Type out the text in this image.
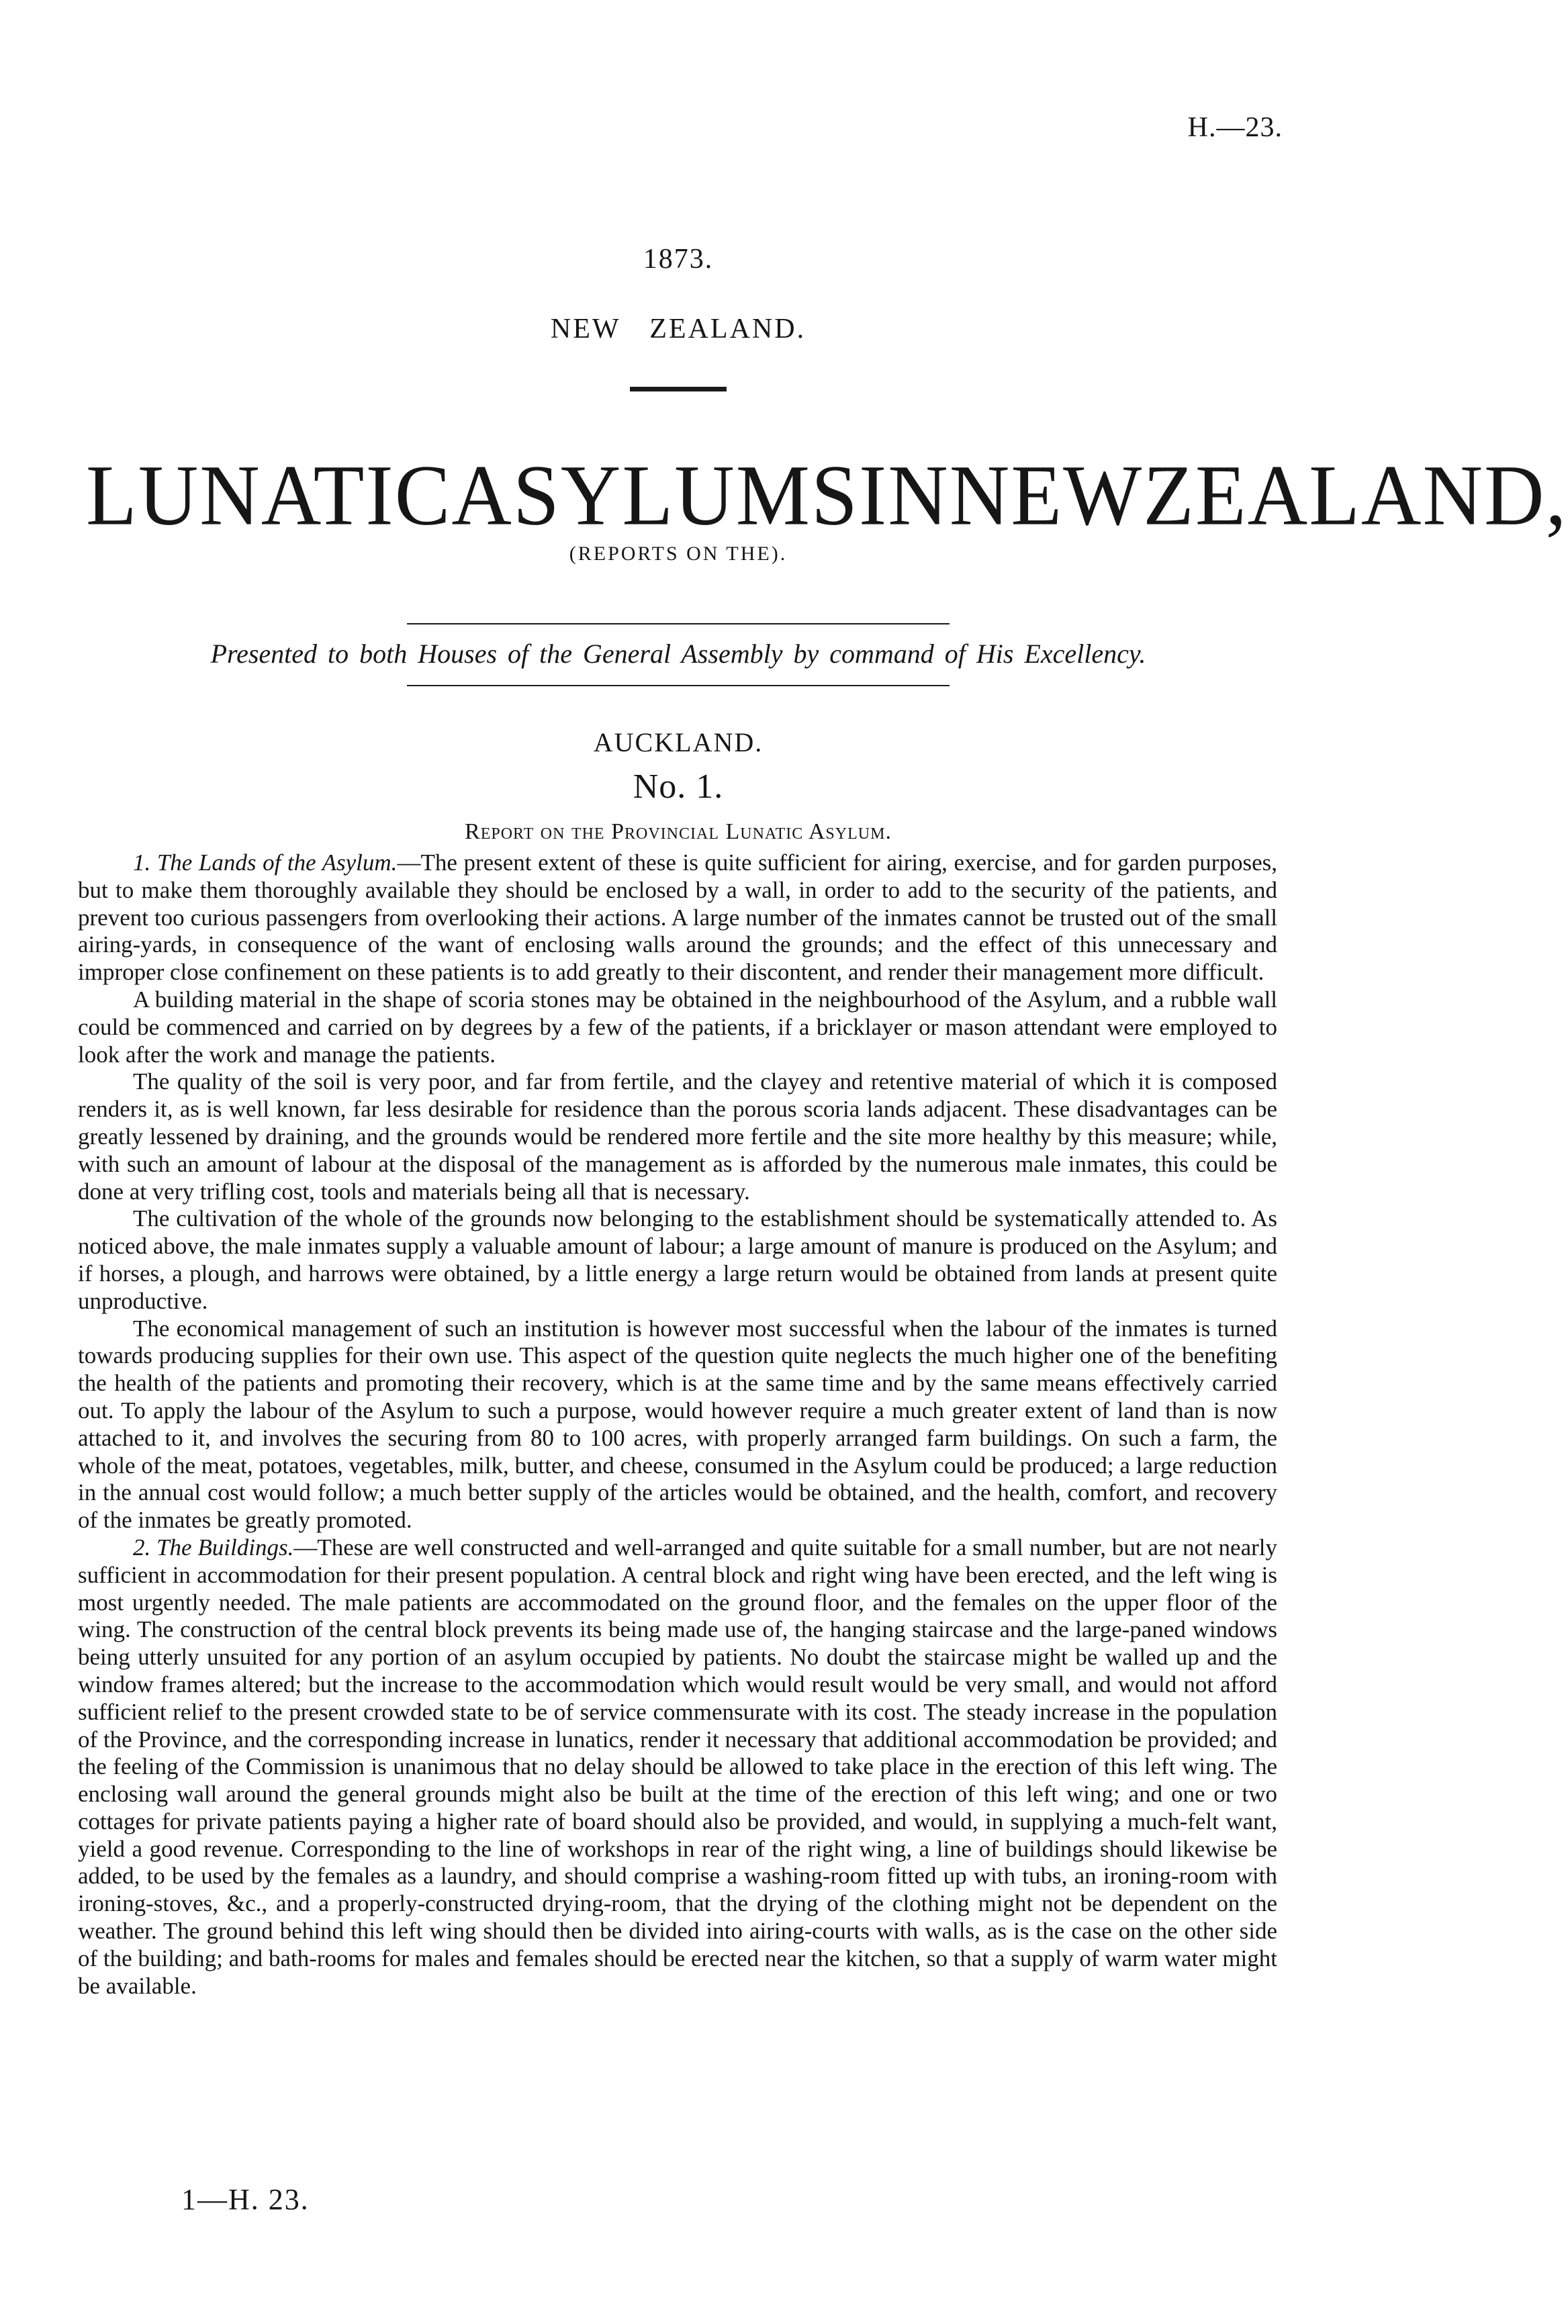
H.—23.
1873.
NEW ZEALAND.
LUNATIC ASYLUMS IN NEW ZEALAND,
(REPORTS ON THE).
Presented to both Houses of the General Assembly by command of His Excellency.
AUCKLAND.
No. 1.
Report on the Provincial Lunatic Asylum.

1. The Lands of the Asylum.—The present extent of these is quite sufficient for airing, exercise, and for garden purposes, but to make them thoroughly available they should be enclosed by a wall, in order to add to the security of the patients, and prevent too curious passengers from overlooking their actions. A large number of the inmates cannot be trusted out of the small airing-yards, in consequence of the want of enclosing walls around the grounds; and the effect of this unnecessary and improper close confinement on these patients is to add greatly to their discontent, and render their management more difficult.

A building material in the shape of scoria stones may be obtained in the neighbourhood of the Asylum, and a rubble wall could be commenced and carried on by degrees by a few of the patients, if a bricklayer or mason attendant were employed to look after the work and manage the patients.

The quality of the soil is very poor, and far from fertile, and the clayey and retentive material of which it is composed renders it, as is well known, far less desirable for residence than the porous scoria lands adjacent. These disadvantages can be greatly lessened by draining, and the grounds would be rendered more fertile and the site more healthy by this measure; while, with such an amount of labour at the disposal of the management as is afforded by the numerous male inmates, this could be done at very trifling cost, tools and materials being all that is necessary.

The cultivation of the whole of the grounds now belonging to the establishment should be systematically attended to. As noticed above, the male inmates supply a valuable amount of labour; a large amount of manure is produced on the Asylum; and if horses, a plough, and harrows were obtained, by a little energy a large return would be obtained from lands at present quite unproductive.

The economical management of such an institution is however most successful when the labour of the inmates is turned towards producing supplies for their own use. This aspect of the question quite neglects the much higher one of the benefiting the health of the patients and promoting their recovery, which is at the same time and by the same means effectively carried out. To apply the labour of the Asylum to such a purpose, would however require a much greater extent of land than is now attached to it, and involves the securing from 80 to 100 acres, with properly arranged farm buildings. On such a farm, the whole of the meat, potatoes, vegetables, milk, butter, and cheese, consumed in the Asylum could be produced; a large reduction in the annual cost would follow; a much better supply of the articles would be obtained, and the health, comfort, and recovery of the inmates be greatly promoted.

2. The Buildings.—These are well constructed and well-arranged and quite suitable for a small number, but are not nearly sufficient in accommodation for their present population. A central block and right wing have been erected, and the left wing is most urgently needed. The male patients are accommodated on the ground floor, and the females on the upper floor of the wing. The construction of the central block prevents its being made use of, the hanging staircase and the large-paned windows being utterly unsuited for any portion of an asylum occupied by patients. No doubt the staircase might be walled up and the window frames altered; but the increase to the accommodation which would result would be very small, and would not afford sufficient relief to the present crowded state to be of service commensurate with its cost. The steady increase in the population of the Province, and the corresponding increase in lunatics, render it necessary that additional accommodation be provided; and the feeling of the Commission is unanimous that no delay should be allowed to take place in the erection of this left wing. The enclosing wall around the general grounds might also be built at the time of the erection of this left wing; and one or two cottages for private patients paying a higher rate of board should also be provided, and would, in supplying a much-felt want, yield a good revenue. Corresponding to the line of workshops in rear of the right wing, a line of buildings should likewise be added, to be used by the females as a laundry, and should comprise a washing-room fitted up with tubs, an ironing-room with ironing-stoves, &c., and a properly-constructed drying-room, that the drying of the clothing might not be dependent on the weather. The ground behind this left wing should then be divided into airing-courts with walls, as is the case on the other side of the building; and bath-rooms for males and females should be erected near the kitchen, so that a supply of warm water might be available.

1—H. 23.
